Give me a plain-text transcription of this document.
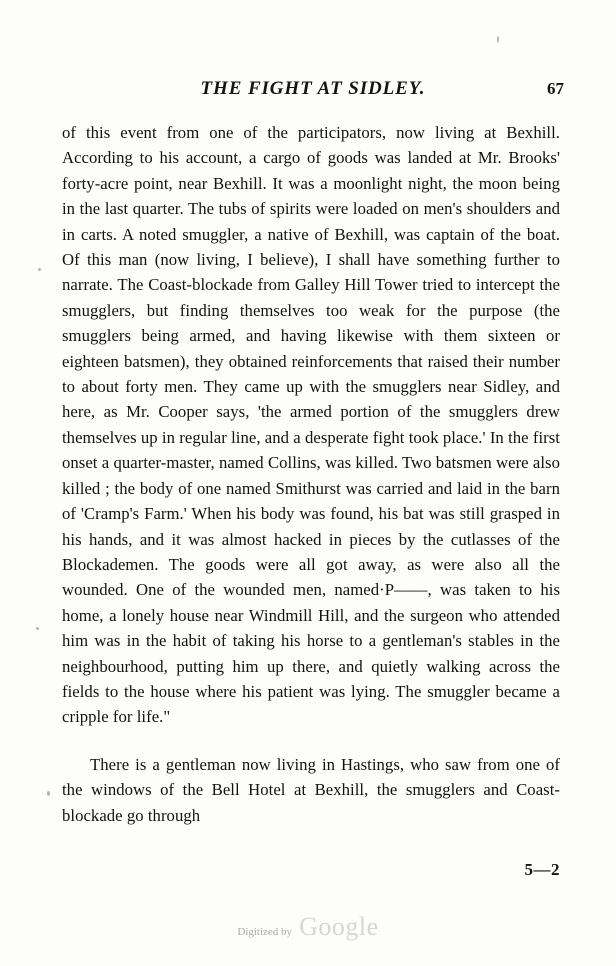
THE FIGHT AT SIDLEY.	67

of this event from one of the participators, now living at Bexhill. According to his account, a cargo of goods was landed at Mr. Brooks' forty-acre point, near Bexhill. It was a moonlight night, the moon being in the last quarter. The tubs of spirits were loaded on men's shoulders and in carts. A noted smuggler, a native of Bexhill, was captain of the boat. Of this man (now living, I believe), I shall have something further to narrate. The Coast-blockade from Galley Hill Tower tried to intercept the smugglers, but finding themselves too weak for the purpose (the smugglers being armed, and having likewise with them sixteen or eighteen batsmen), they obtained reinforcements that raised their number to about forty men. They came up with the smugglers near Sidley, and here, as Mr. Cooper says, 'the armed portion of the smugglers drew themselves up in regular line, and a desperate fight took place.' In the first onset a quarter-master, named Collins, was killed. Two batsmen were also killed ; the body of one named Smithurst was carried and laid in the barn of 'Cramp's Farm.' When his body was found, his bat was still grasped in his hands, and it was almost hacked in pieces by the cutlasses of the Blockademen. The goods were all got away, as were also all the wounded. One of the wounded men, named·P——, was taken to his home, a lonely house near Windmill Hill, and the surgeon who attended him was in the habit of taking his horse to a gentleman's stables in the neighbourhood, putting him up there, and quietly walking across the fields to the house where his patient was lying. The smuggler became a cripple for life."

There is a gentleman now living in Hastings, who saw from one of the windows of the Bell Hotel at Bexhill, the smugglers and Coast-blockade go through

5—2
Digitized by Google
